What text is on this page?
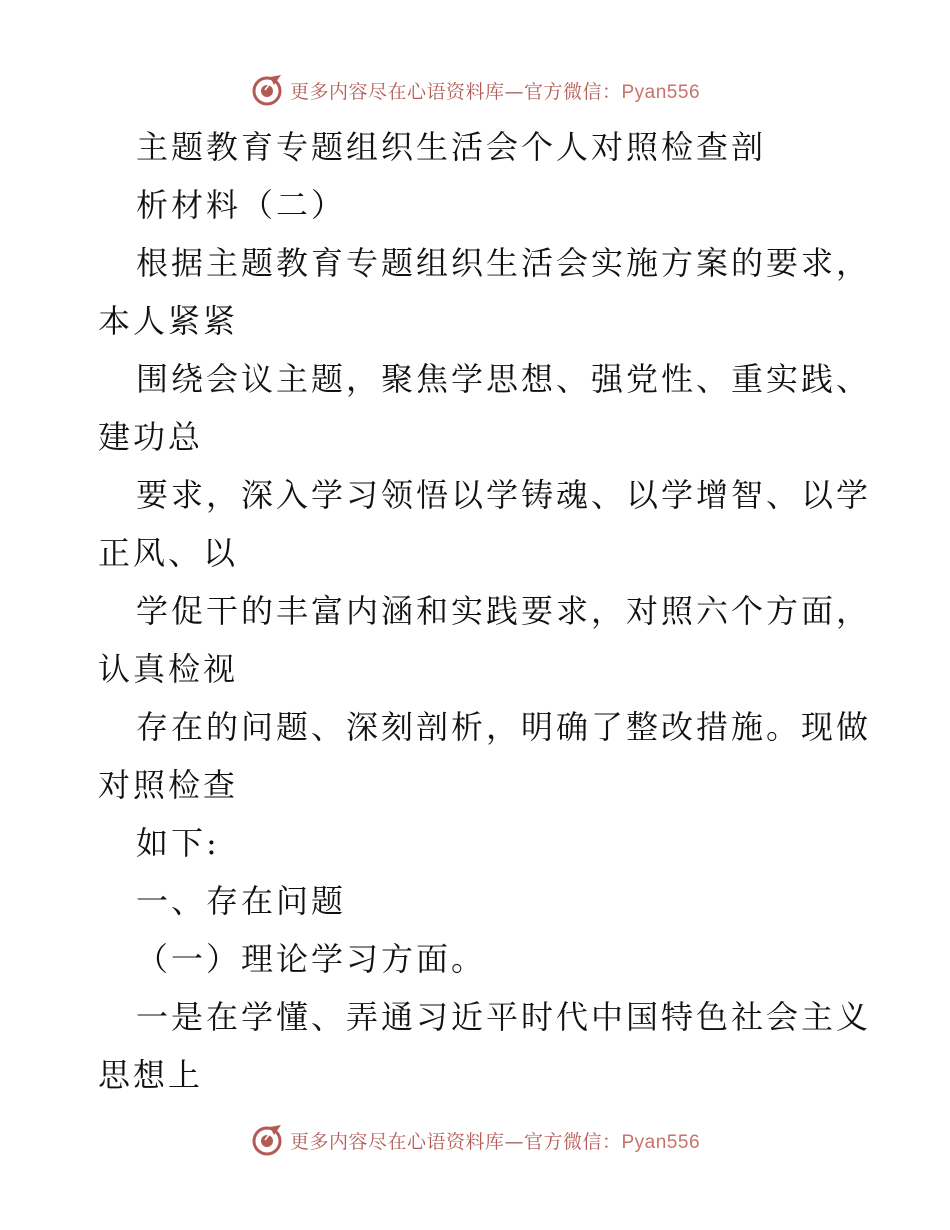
更多内容尽在心语资料库—官方微信：Pyan556
主题教育专题组织生活会个人对照检查剖
析材料（二）
根据主题教育专题组织生活会实施方案的要求，
本人紧紧
围绕会议主题，聚焦学思想、强党性、重实践、
建功总
要求，深入学习领悟以学铸魂、以学增智、以学
正风、以
学促干的丰富内涵和实践要求，对照六个方面，
认真检视
存在的问题、深刻剖析，明确了整改措施。现做
对照检查
如下:
一、存在问题
（一）理论学习方面。
一是在学懂、弄通习近平时代中国特色社会主义
思想上
更多内容尽在心语资料库—官方微信：Pyan556
